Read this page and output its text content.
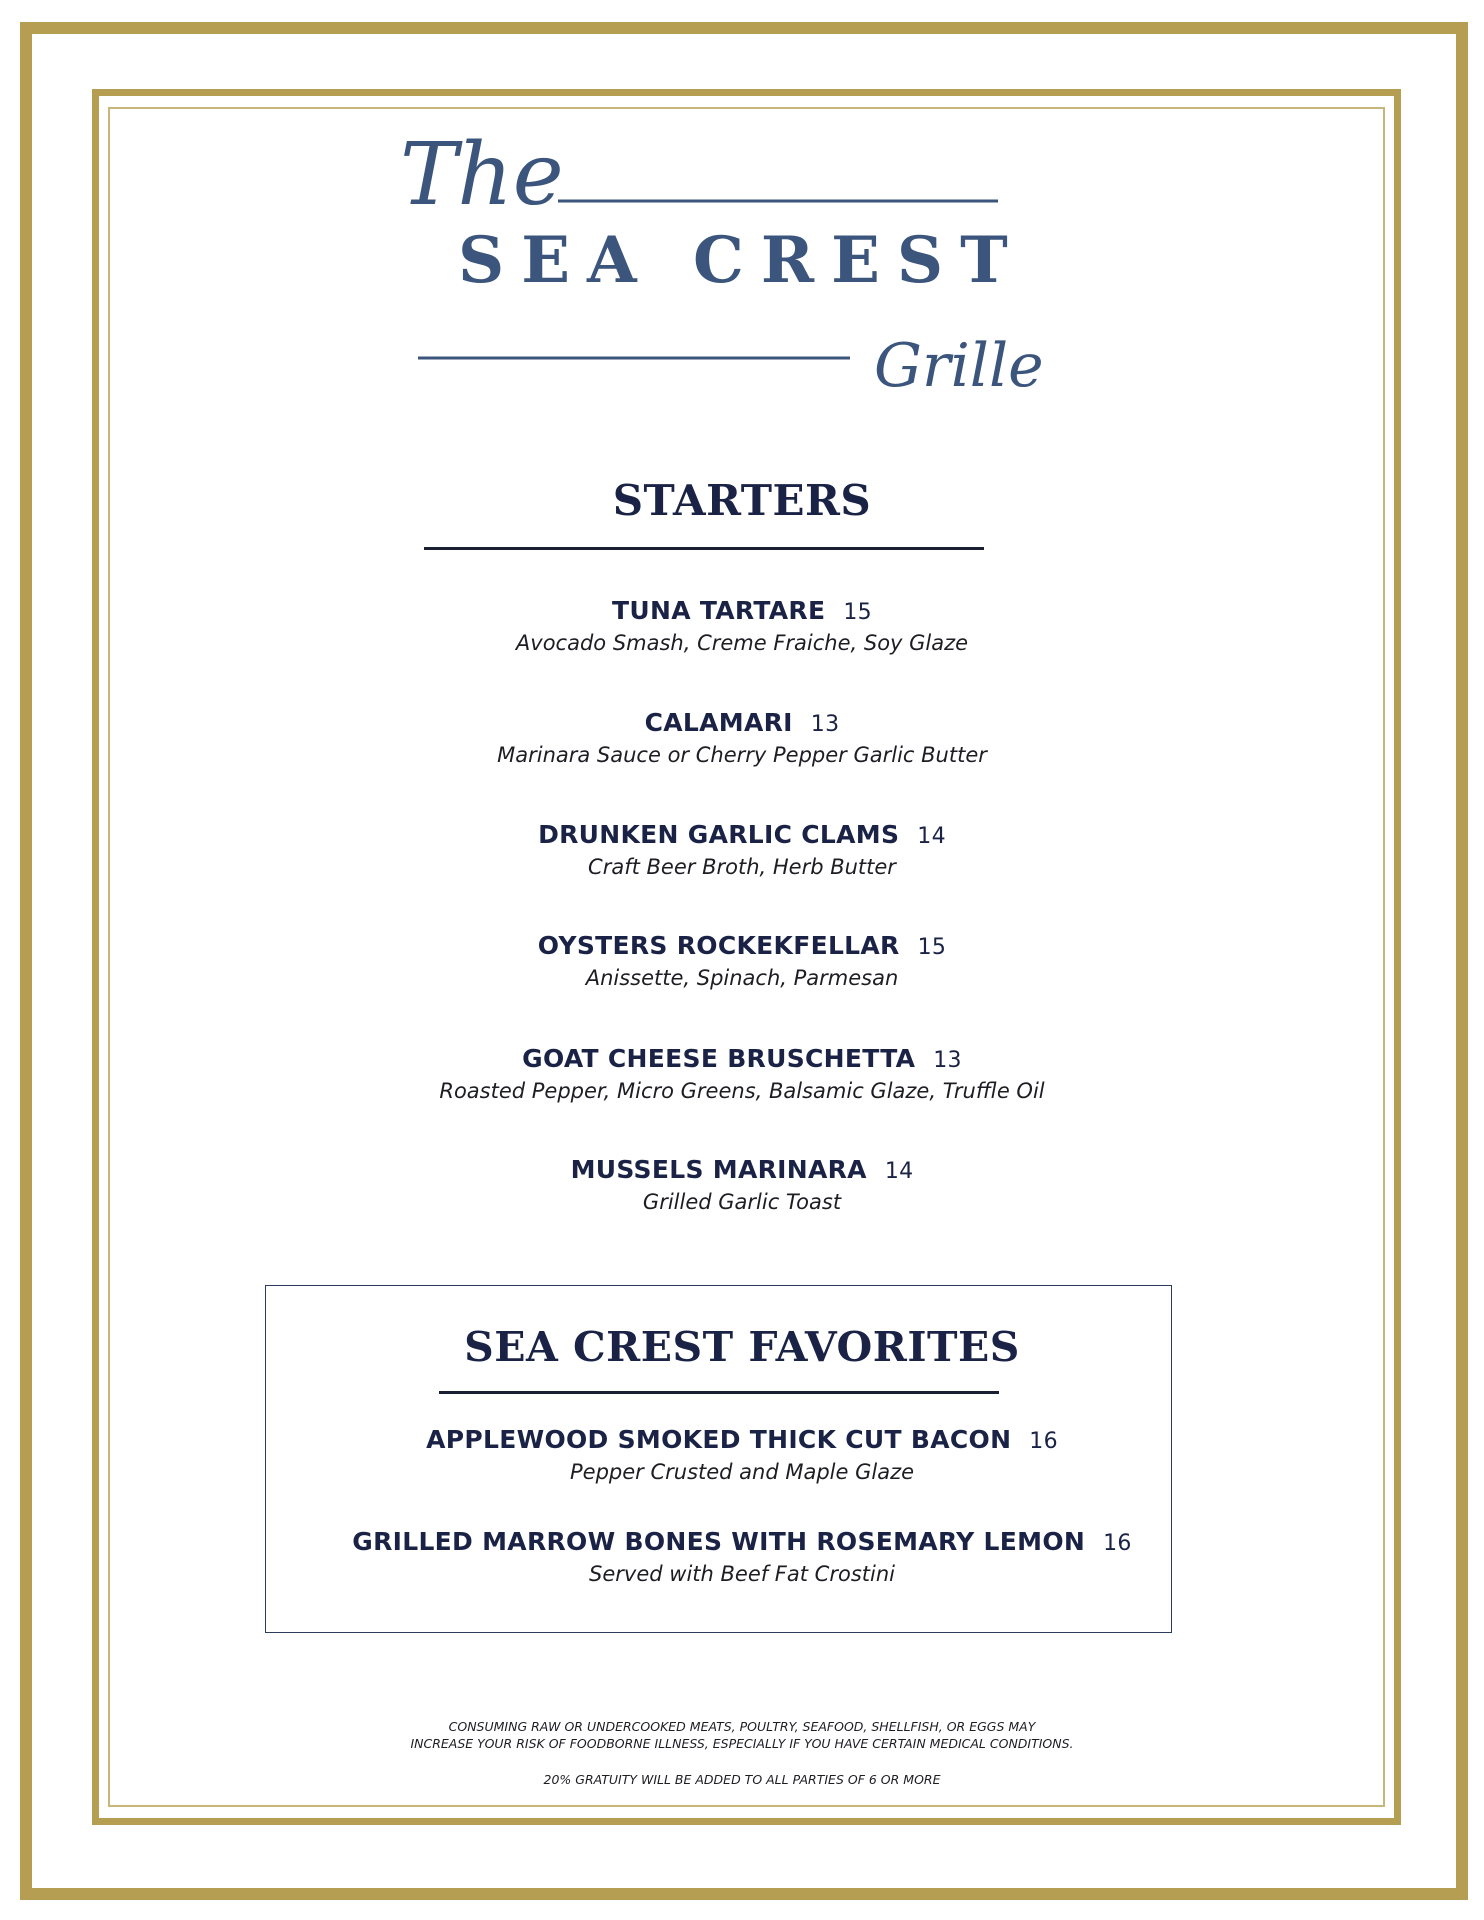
The
SEA CREST
Grille
STARTERS
TUNA TARTARE 15
Avocado Smash, Creme Fraiche, Soy Glaze
CALAMARI 13
Marinara Sauce or Cherry Pepper Garlic Butter
DRUNKEN GARLIC CLAMS 14
Craft Beer Broth, Herb Butter
OYSTERS ROCKEKFELLAR 15
Anissette, Spinach, Parmesan
GOAT CHEESE BRUSCHETTA 13
Roasted Pepper, Micro Greens, Balsamic Glaze, Truffle Oil
MUSSELS MARINARA 14
Grilled Garlic Toast
SEA CREST FAVORITES
APPLEWOOD SMOKED THICK CUT BACON 16
Pepper Crusted and Maple Glaze
GRILLED MARROW BONES WITH ROSEMARY LEMON 16
Served with Beef Fat Crostini
CONSUMING RAW OR UNDERCOOKED MEATS, POULTRY, SEAFOOD, SHELLFISH, OR EGGS MAY
INCREASE YOUR RISK OF FOODBORNE ILLNESS, ESPECIALLY IF YOU HAVE CERTAIN MEDICAL CONDITIONS.
20% GRATUITY WILL BE ADDED TO ALL PARTIES OF 6 OR MORE
